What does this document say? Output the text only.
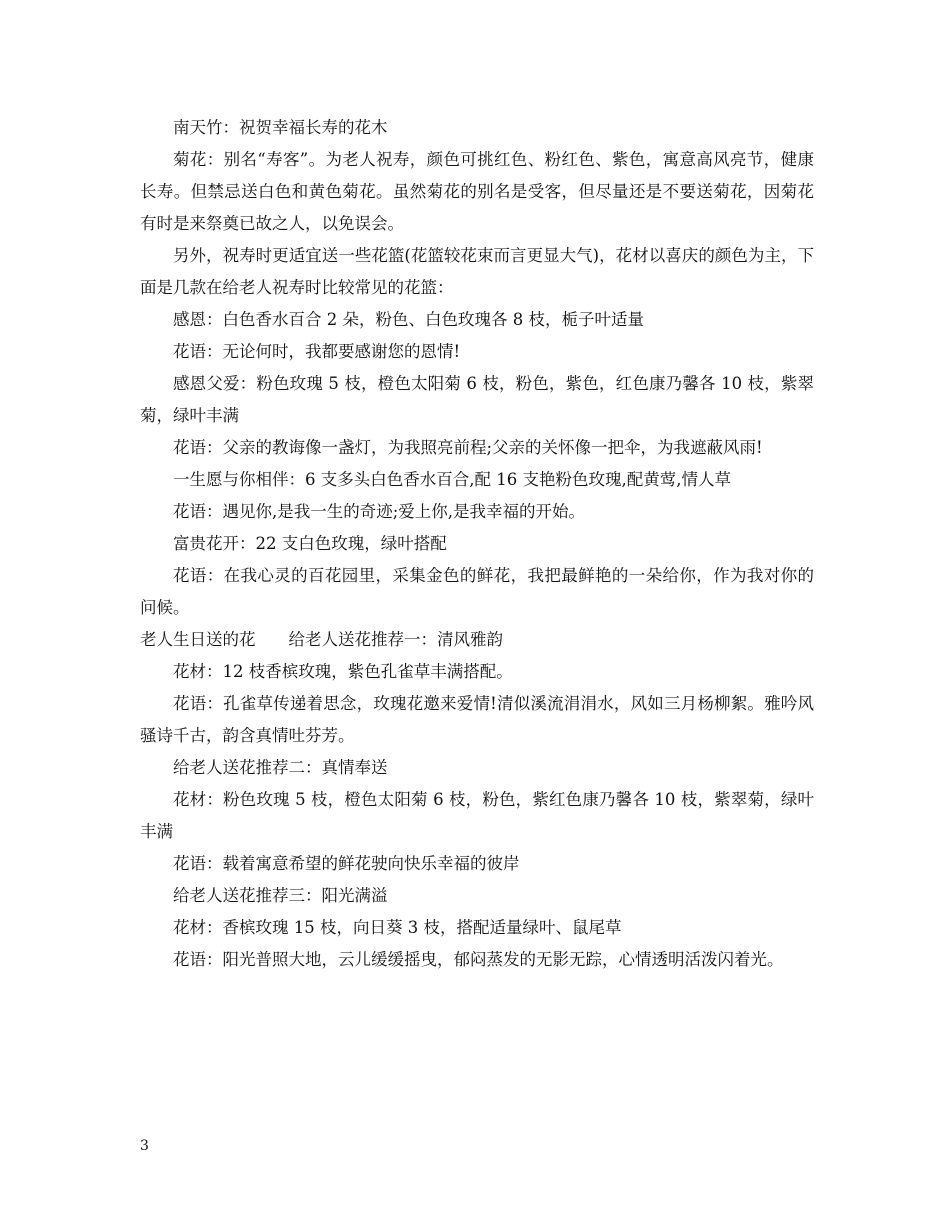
南天竹：祝贺幸福长寿的花木

菊花：别名“寿客”。为老人祝寿，颜色可挑红色、粉红色、紫色，寓意高风亮节，健康长寿。但禁忌送白色和黄色菊花。虽然菊花的别名是受客，但尽量还是不要送菊花，因菊花有时是来祭奠已故之人，以免误会。

另外，祝寿时更适宜送一些花篮(花篮较花束而言更显大气)，花材以喜庆的颜色为主，下面是几款在给老人祝寿时比较常见的花篮：

感恩：白色香水百合 2 朵，粉色、白色玫瑰各 8 枝，栀子叶适量

花语：无论何时，我都要感谢您的恩情!

感恩父爱：粉色玫瑰 5 枝，橙色太阳菊 6 枝，粉色，紫色，红色康乃馨各 10 枝，紫翠菊，绿叶丰满

花语：父亲的教诲像一盏灯，为我照亮前程;父亲的关怀像一把伞，为我遮蔽风雨!

一生愿与你相伴：6 支多头白色香水百合,配 16 支艳粉色玫瑰,配黄莺,情人草

花语：遇见你,是我一生的奇迹;爱上你,是我幸福的开始。

富贵花开：22 支白色玫瑰，绿叶搭配

花语：在我心灵的百花园里，采集金色的鲜花，我把最鲜艳的一朵给你，作为我对你的问候。

老人生日送的花　　给老人送花推荐一：清风雅韵

花材：12 枝香槟玫瑰，紫色孔雀草丰满搭配。

花语：孔雀草传递着思念，玫瑰花邀来爱情!清似溪流涓涓水，风如三月杨柳絮。雅吟风骚诗千古，韵含真情吐芬芳。

给老人送花推荐二：真情奉送

花材：粉色玫瑰 5 枝，橙色太阳菊 6 枝，粉色，紫红色康乃馨各 10 枝，紫翠菊，绿叶丰满

花语：载着寓意希望的鲜花驶向快乐幸福的彼岸

给老人送花推荐三：阳光满溢

花材：香槟玫瑰 15 枝，向日葵 3 枝，搭配适量绿叶、鼠尾草

花语：阳光普照大地，云儿缓缓摇曳，郁闷蒸发的无影无踪，心情透明活泼闪着光。

3
